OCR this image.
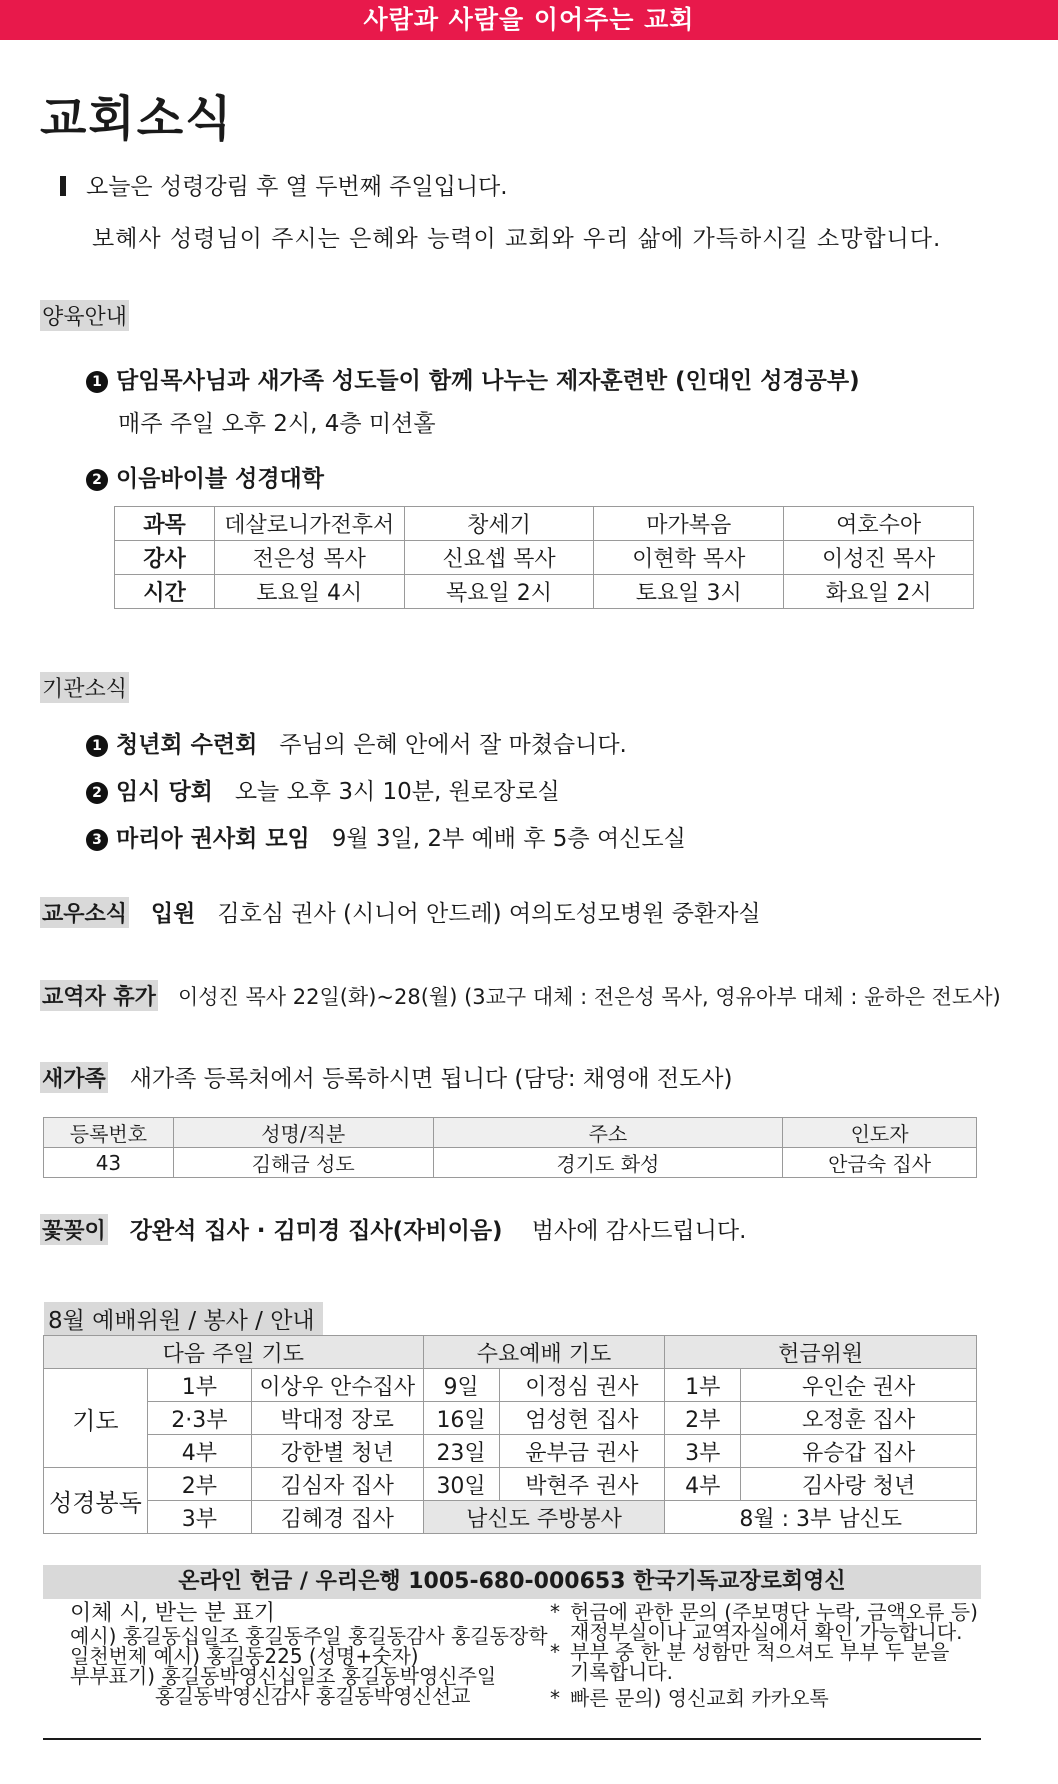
사람과 사람을 이어주는 교회
교회소식
오늘은 성령강림 후 열 두번째 주일입니다.
보혜사 성령님이 주시는 은혜와 능력이 교회와 우리 삶에 가득하시길 소망합니다.
양육안내
1 담임목사님과 새가족 성도들이 함께 나누는 제자훈련반 (인대인 성경공부)
매주 주일 오후 2시, 4층 미션홀
2 이음바이블 성경대학
과목	데살로니가전후서	창세기	마가복음	여호수아
강사	전은성 목사	신요셉 목사	이현학 목사	이성진 목사
시간	토요일 4시	목요일 2시	토요일 3시	화요일 2시
기관소식
1 청년회 수련회 주님의 은혜 안에서 잘 마쳤습니다.
2 임시 당회 오늘 오후 3시 10분, 원로장로실
3 마리아 권사회 모임 9월 3일, 2부 예배 후 5층 여신도실
교우소식 입원 김호심 권사 (시니어 안드레) 여의도성모병원 중환자실
교역자 휴가 이성진 목사 22일(화)~28(월) (3교구 대체 : 전은성 목사, 영유아부 대체 : 윤하은 전도사)
새가족 새가족 등록처에서 등록하시면 됩니다 (담당: 채영애 전도사)
등록번호	성명/직분	주소	인도자
43	김해금 성도	경기도 화성	안금숙 집사
꽃꽂이 강완석 집사 · 김미경 집사(자비이음) 범사에 감사드립니다.
8월 예배위원 / 봉사 / 안내
다음 주일 기도			수요예배 기도		헌금위원	
기도	1부	이상우 안수집사	9일	이정심 권사	1부	우인순 권사
	2·3부	박대정 장로	16일	엄성현 집사	2부	오정훈 집사
	4부	강한별 청년	23일	윤부금 권사	3부	유승갑 집사
성경봉독	2부	김심자 집사	30일	박현주 권사	4부	김사랑 청년
	3부	김혜경 집사	남신도 주방봉사		8월 : 3부 남신도	
온라인 헌금 / 우리은행 1005-680-000653 한국기독교장로회영신
이체 시, 받는 분 표기
예시) 홍길동십일조 홍길동주일 홍길동감사 홍길동장학
일천번제 예시) 홍길동225 (성명+숫자)
부부표기) 홍길동박영신십일조 홍길동박영신주일
홍길동박영신감사 홍길동박영신선교
* 헌금에 관한 문의 (주보명단 누락, 금액오류 등)
재정부실이나 교역자실에서 확인 가능합니다.
* 부부 중 한 분 성함만 적으셔도 부부 두 분을
기록합니다.
* 빠른 문의) 영신교회 카카오톡
